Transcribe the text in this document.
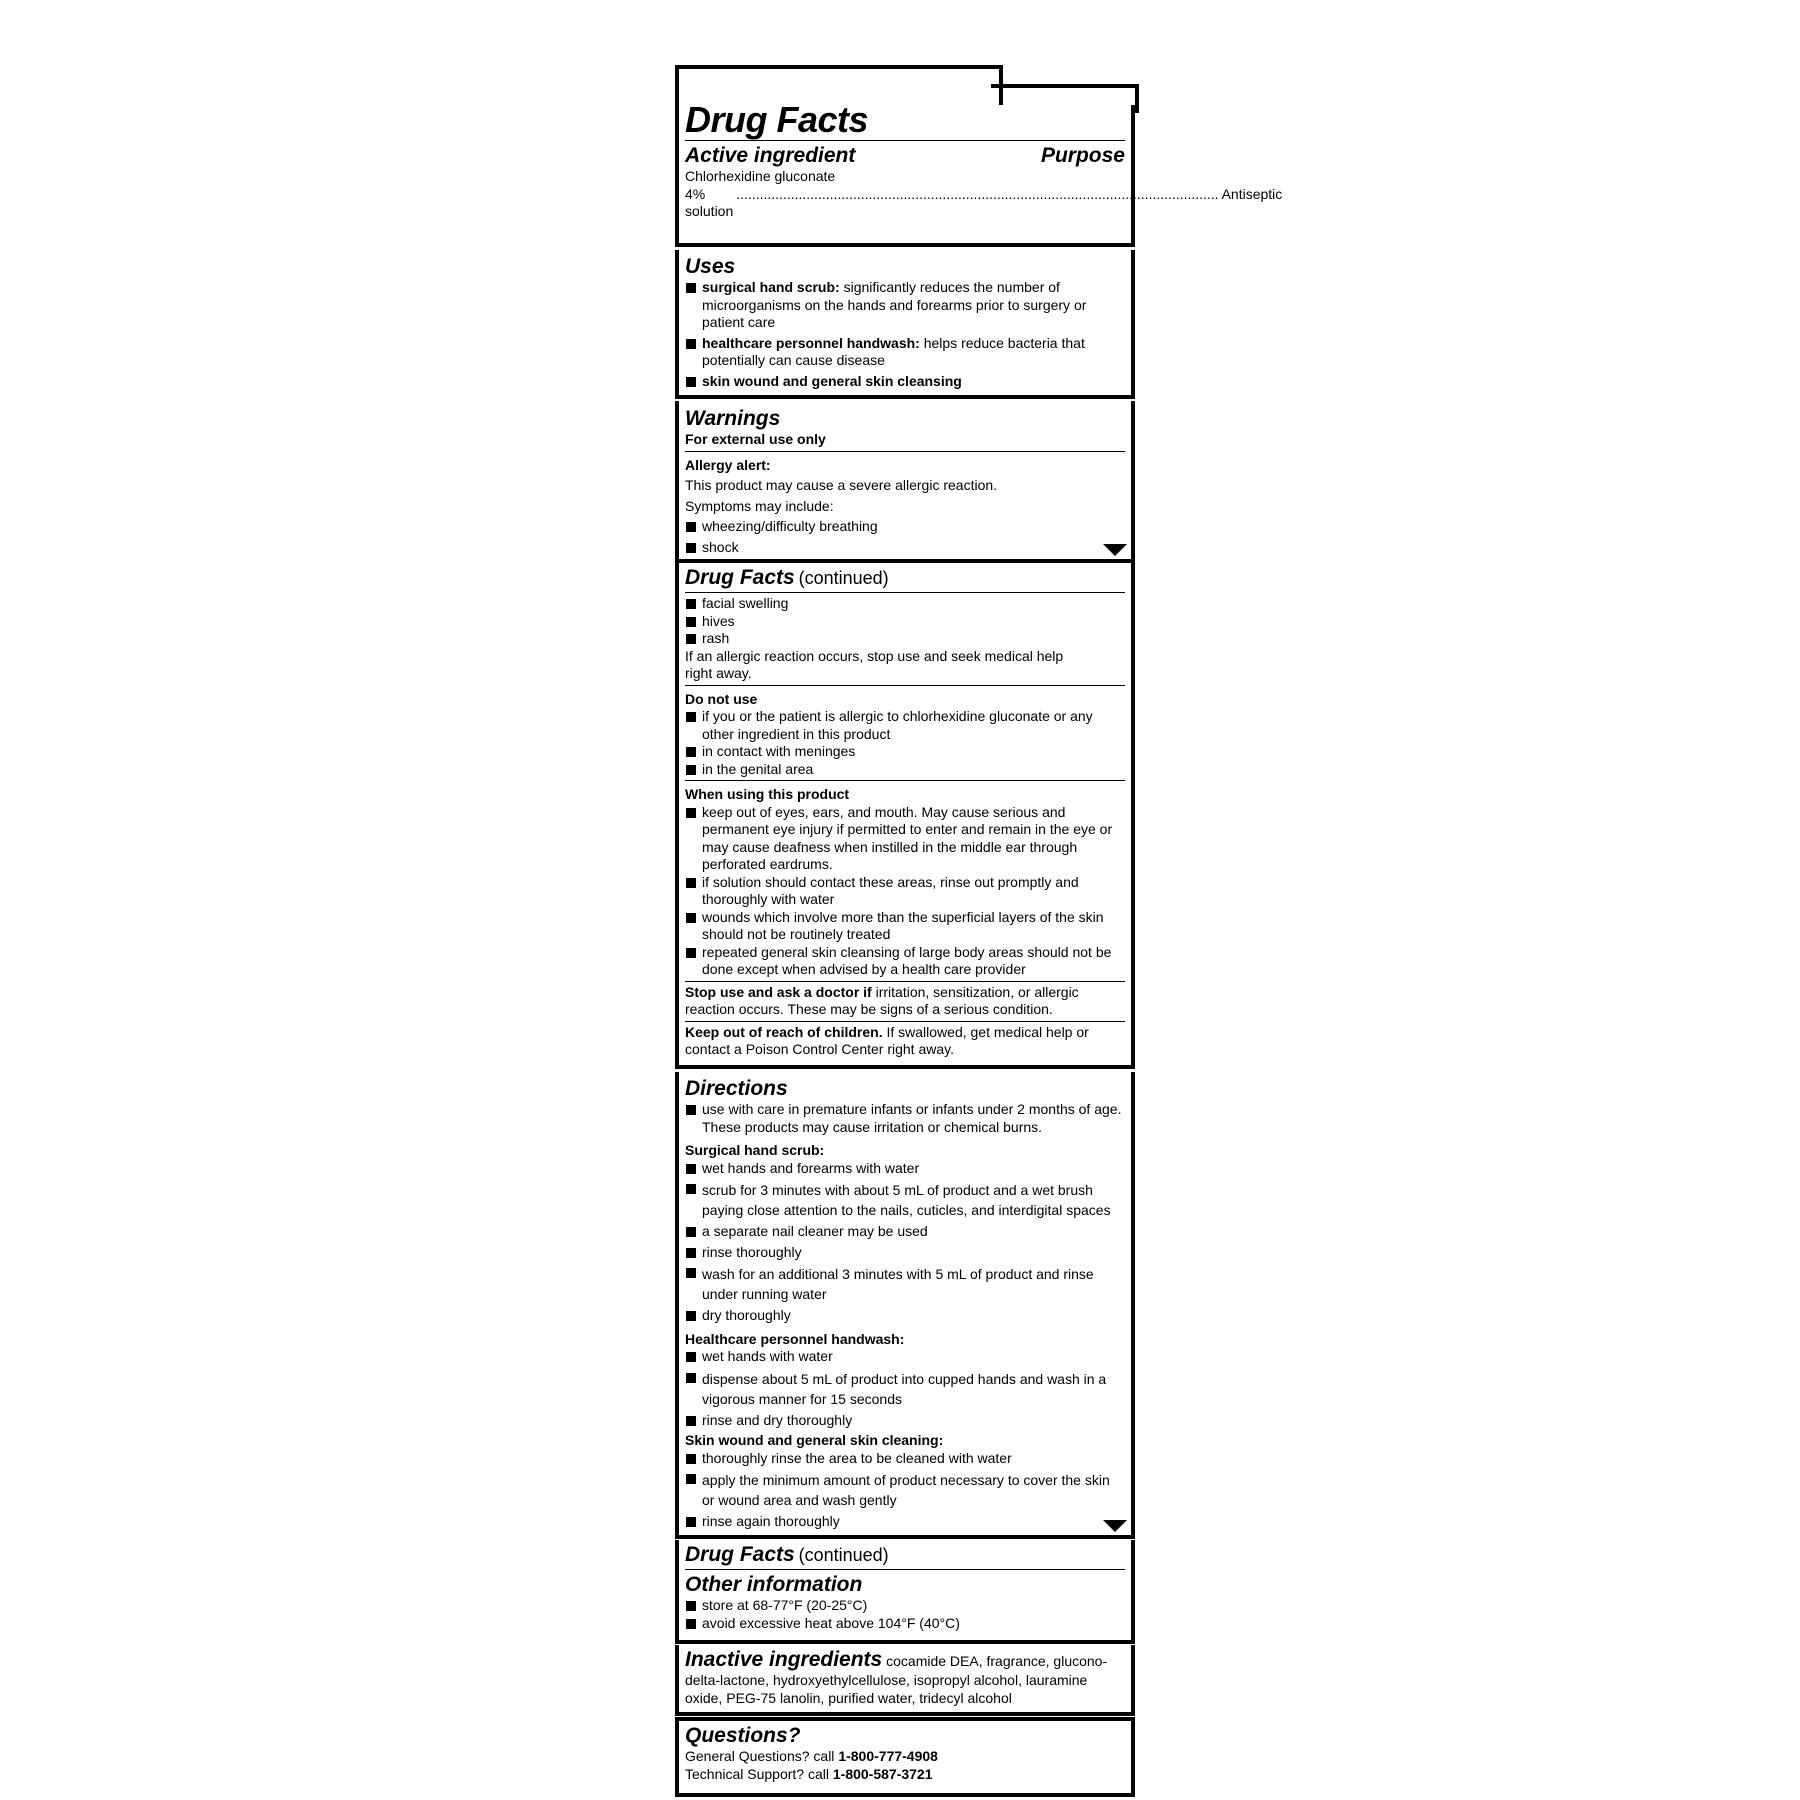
Drug Facts
Active ingredient	Purpose
Chlorhexidine gluconate
4% solution
............................................................................................................................ Antiseptic
Uses
surgical hand scrub: significantly reduces the number of microorganisms on the hands and forearms prior to surgery or patient care
healthcare personnel handwash: helps reduce bacteria that potentially can cause disease
skin wound and general skin cleansing
Warnings
For external use only
Allergy alert:
This product may cause a severe allergic reaction.
Symptoms may include:
wheezing/difficulty breathing
shock
Drug Facts (continued)
facial swelling
hives
rash
If an allergic reaction occurs, stop use and seek medical help right away.
Do not use
if you or the patient is allergic to chlorhexidine gluconate or any other ingredient in this product
in contact with meninges
in the genital area
When using this product
keep out of eyes, ears, and mouth. May cause serious and permanent eye injury if permitted to enter and remain in the eye or may cause deafness when instilled in the middle ear through perforated eardrums.
if solution should contact these areas, rinse out promptly and thoroughly with water
wounds which involve more than the superficial layers of the skin should not be routinely treated
repeated general skin cleansing of large body areas should not be done except when advised by a health care provider
Stop use and ask a doctor if irritation, sensitization, or allergic reaction occurs. These may be signs of a serious condition.
Keep out of reach of children. If swallowed, get medical help or contact a Poison Control Center right away.
Directions
use with care in premature infants or infants under 2 months of age. These products may cause irritation or chemical burns.
Surgical hand scrub:
wet hands and forearms with water
scrub for 3 minutes with about 5 mL of product and a wet brush paying close attention to the nails, cuticles, and interdigital spaces
a separate nail cleaner may be used
rinse thoroughly
wash for an additional 3 minutes with 5 mL of product and rinse under running water
dry thoroughly
Healthcare personnel handwash:
wet hands with water
dispense about 5 mL of product into cupped hands and wash in a vigorous manner for 15 seconds
rinse and dry thoroughly
Skin wound and general skin cleaning:
thoroughly rinse the area to be cleaned with water
apply the minimum amount of product necessary to cover the skin or wound area and wash gently
rinse again thoroughly
Drug Facts (continued)
Other information
store at 68-77°F (20-25°C)
avoid excessive heat above 104°F (40°C)
Inactive ingredients cocamide DEA, fragrance, glucono-delta-lactone, hydroxyethylcellulose, isopropyl alcohol, lauramine oxide, PEG-75 lanolin, purified water, tridecyl alcohol
Questions?
General Questions? call 1-800-777-4908
Technical Support? call 1-800-587-3721
